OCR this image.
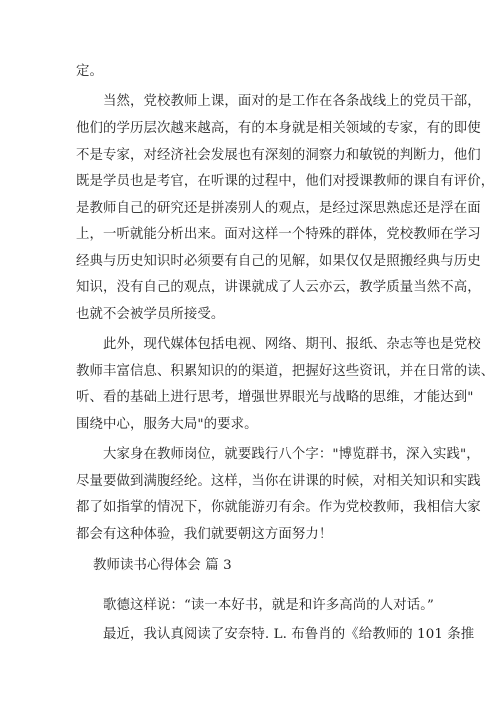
定。
当然，党校教师上课，面对的是工作在各条战线上的党员干部，
他们的学历层次越来越高，有的本身就是相关领域的专家，有的即使
不是专家，对经济社会发展也有深刻的洞察力和敏锐的判断力，他们
既是学员也是考官，在听课的过程中，他们对授课教师的课自有评价，
是教师自己的研究还是拼凑别人的观点，是经过深思熟虑还是浮在面
上，一听就能分析出来。面对这样一个特殊的群体，党校教师在学习
经典与历史知识时必须要有自己的见解，如果仅仅是照搬经典与历史
知识，没有自己的观点，讲课就成了人云亦云，教学质量当然不高，
也就不会被学员所接受。
此外，现代媒体包括电视、网络、期刊、报纸、杂志等也是党校
教师丰富信息、积累知识的的渠道，把握好这些资讯，并在日常的读、
听、看的基础上进行思考，增强世界眼光与战略的思维，才能达到"
围绕中心，服务大局"的要求。
大家身在教师岗位，就要践行八个字："博览群书，深入实践"，
尽量要做到满腹经纶。这样，当你在讲课的时候，对相关知识和实践
都了如指掌的情况下，你就能游刃有余。作为党校教师，我相信大家
都会有这种体验，我们就要朝这方面努力！
教师读书心得体会 篇 3
歌德这样说：“读一本好书，就是和许多高尚的人对话。”
最近，我认真阅读了安奈特. L. 布鲁肖的《给教师的 101 条推
